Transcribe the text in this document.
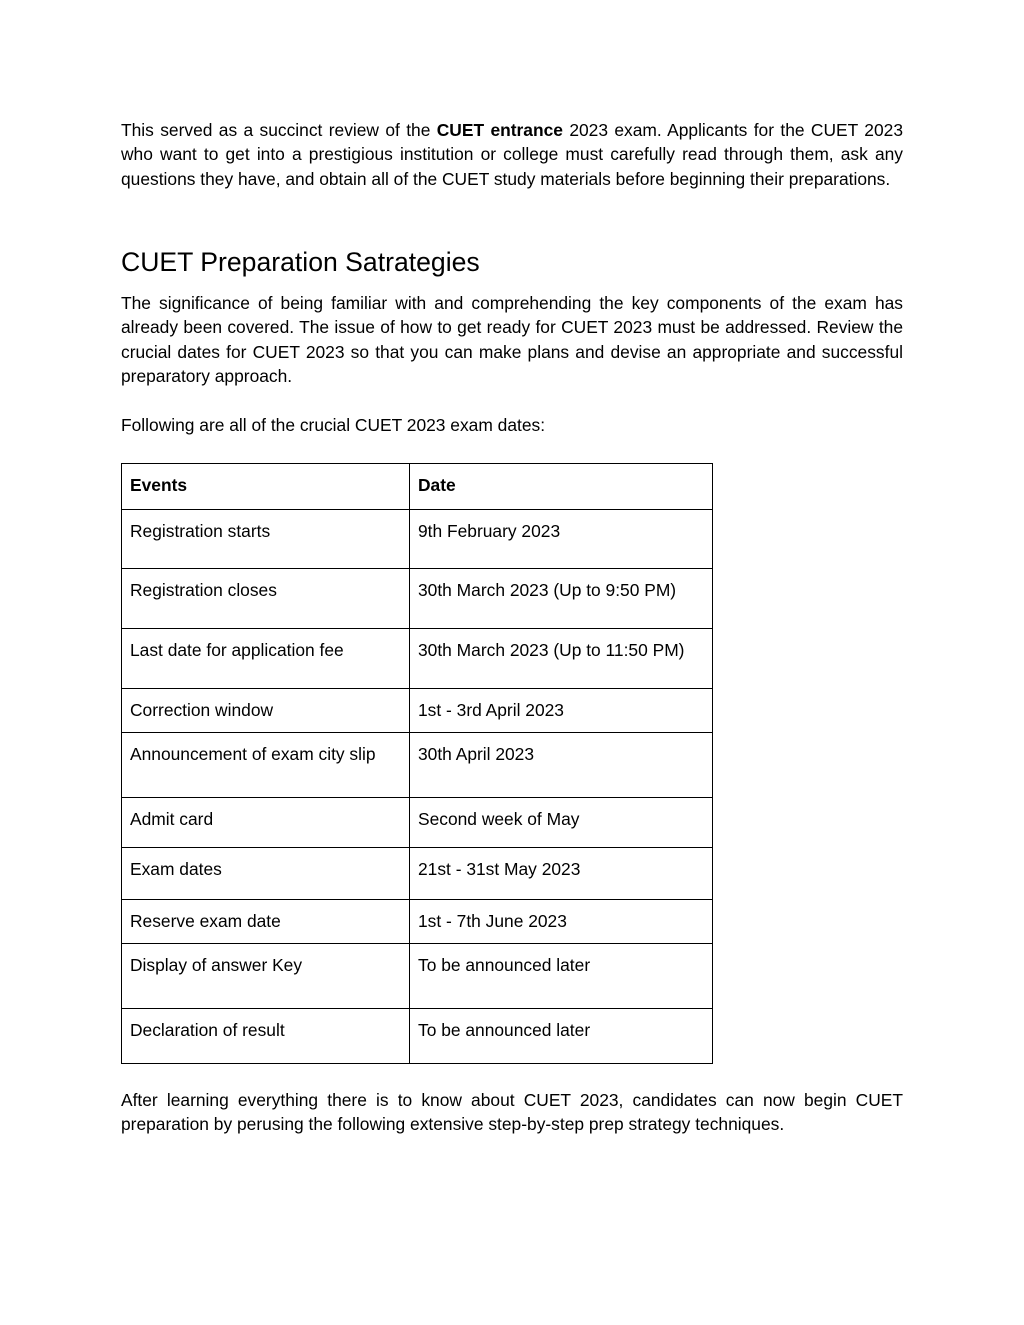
This served as a succinct review of the CUET entrance 2023 exam. Applicants for the CUET 2023 who want to get into a prestigious institution or college must carefully read through them, ask any questions they have, and obtain all of the CUET study materials before beginning their preparations.

CUET Preparation Satrategies

The significance of being familiar with and comprehending the key components of the exam has already been covered. The issue of how to get ready for CUET 2023 must be addressed. Review the crucial dates for CUET 2023 so that you can make plans and devise an appropriate and successful preparatory approach.

Following are all of the crucial CUET 2023 exam dates:

Events	Date
Registration starts	9th February 2023
Registration closes	30th March 2023 (Up to 9:50 PM)
Last date for application fee	30th March 2023 (Up to 11:50 PM)
Correction window	1st - 3rd April 2023
Announcement of exam city slip	30th April 2023
Admit card	Second week of May
Exam dates	21st - 31st May 2023
Reserve exam date	1st - 7th June 2023
Display of answer Key	To be announced later
Declaration of result	To be announced later

After learning everything there is to know about CUET 2023, candidates can now begin CUET preparation by perusing the following extensive step-by-step prep strategy techniques.
